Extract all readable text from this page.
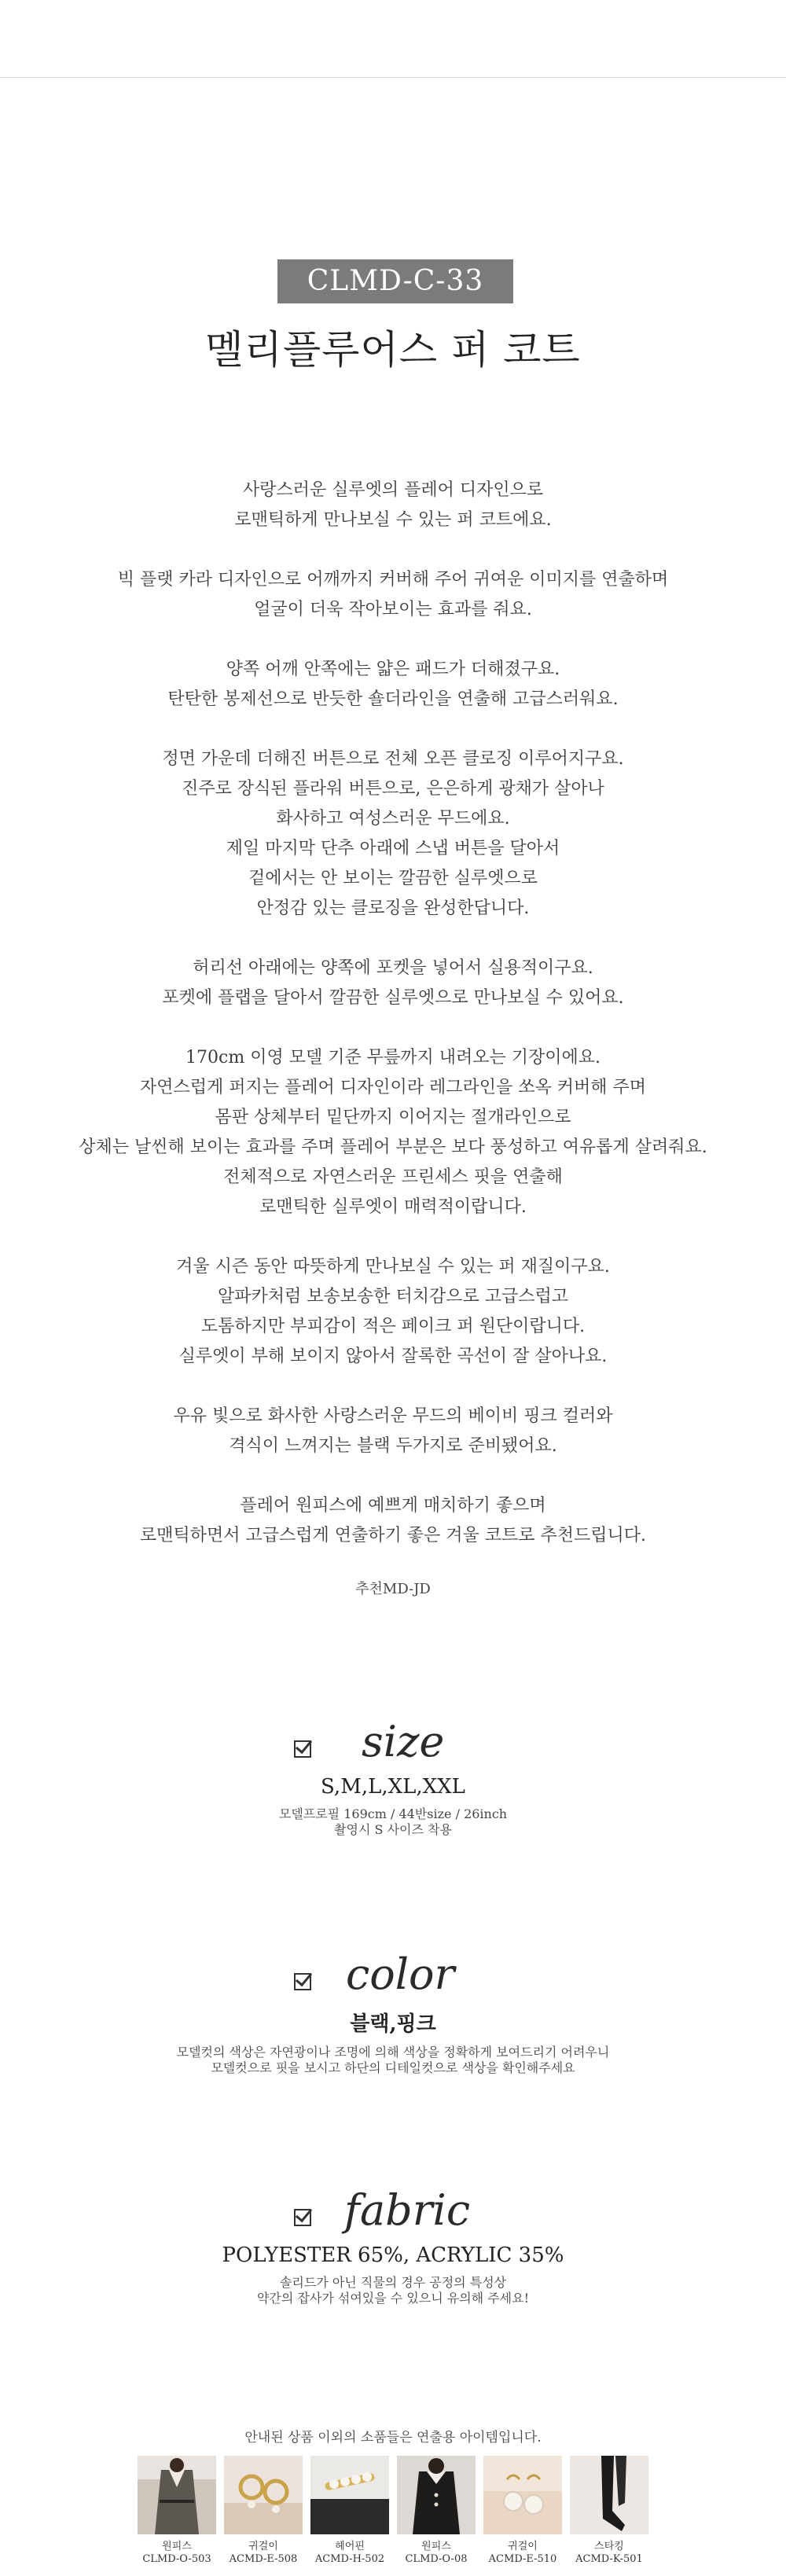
CLMD-C-33
멜리플루어스 퍼 코트
사랑스러운 실루엣의 플레어 디자인으로
로맨틱하게 만나보실 수 있는 퍼 코트에요.
빅 플랫 카라 디자인으로 어깨까지 커버해 주어 귀여운 이미지를 연출하며
얼굴이 더욱 작아보이는 효과를 줘요.
양쪽 어깨 안쪽에는 얇은 패드가 더해졌구요.
탄탄한 봉제선으로 반듯한 숄더라인을 연출해 고급스러워요.
정면 가운데 더해진 버튼으로 전체 오픈 클로징 이루어지구요.
진주로 장식된 플라워 버튼으로, 은은하게 광채가 살아나
화사하고 여성스러운 무드에요.
제일 마지막 단추 아래에 스냅 버튼을 달아서
겉에서는 안 보이는 깔끔한 실루엣으로
안정감 있는 클로징을 완성한답니다.
허리선 아래에는 양쪽에 포켓을 넣어서 실용적이구요.
포켓에 플랩을 달아서 깔끔한 실루엣으로 만나보실 수 있어요.
170cm 이영 모델 기준 무릎까지 내려오는 기장이에요.
자연스럽게 퍼지는 플레어 디자인이라 레그라인을 쏘옥 커버해 주며
몸판 상체부터 밑단까지 이어지는 절개라인으로
상체는 날씬해 보이는 효과를 주며 플레어 부분은 보다 풍성하고 여유롭게 살려줘요.
전체적으로 자연스러운 프린세스 핏을 연출해
로맨틱한 실루엣이 매력적이랍니다.
겨울 시즌 동안 따뜻하게 만나보실 수 있는 퍼 재질이구요.
알파카처럼 보송보송한 터치감으로 고급스럽고
도톰하지만 부피감이 적은 페이크 퍼 원단이랍니다.
실루엣이 부해 보이지 않아서 잘록한 곡선이 잘 살아나요.
우유 빛으로 화사한 사랑스러운 무드의 베이비 핑크 컬러와
격식이 느껴지는 블랙 두가지로 준비됐어요.
플레어 원피스에 예쁘게 매치하기 좋으며
로맨틱하면서 고급스럽게 연출하기 좋은 겨울 코트로 추천드립니다.
추천MD-JD
size
S,M,L,XL,XXL
모델프로필 169cm / 44반size / 26inch
촬영시 S 사이즈 착용
color
블랙,핑크
모델컷의 색상은 자연광이나 조명에 의해 색상을 정확하게 보여드리기 어려우니
모델컷으로 핏을 보시고 하단의 디테일컷으로 색상을 확인해주세요
fabric
POLYESTER 65%, ACRYLIC 35%
솔리드가 아닌 직물의 경우 공정의 특성상
약간의 잡사가 섞여있을 수 있으니 유의해 주세요!
안내된 상품 이외의 소품들은 연출용 아이템입니다.
원피스
CLMD-O-503
귀걸이
ACMD-E-508
헤어핀
ACMD-H-502
원피스
CLMD-O-08
귀걸이
ACMD-E-510
스타킹
ACMD-K-501
